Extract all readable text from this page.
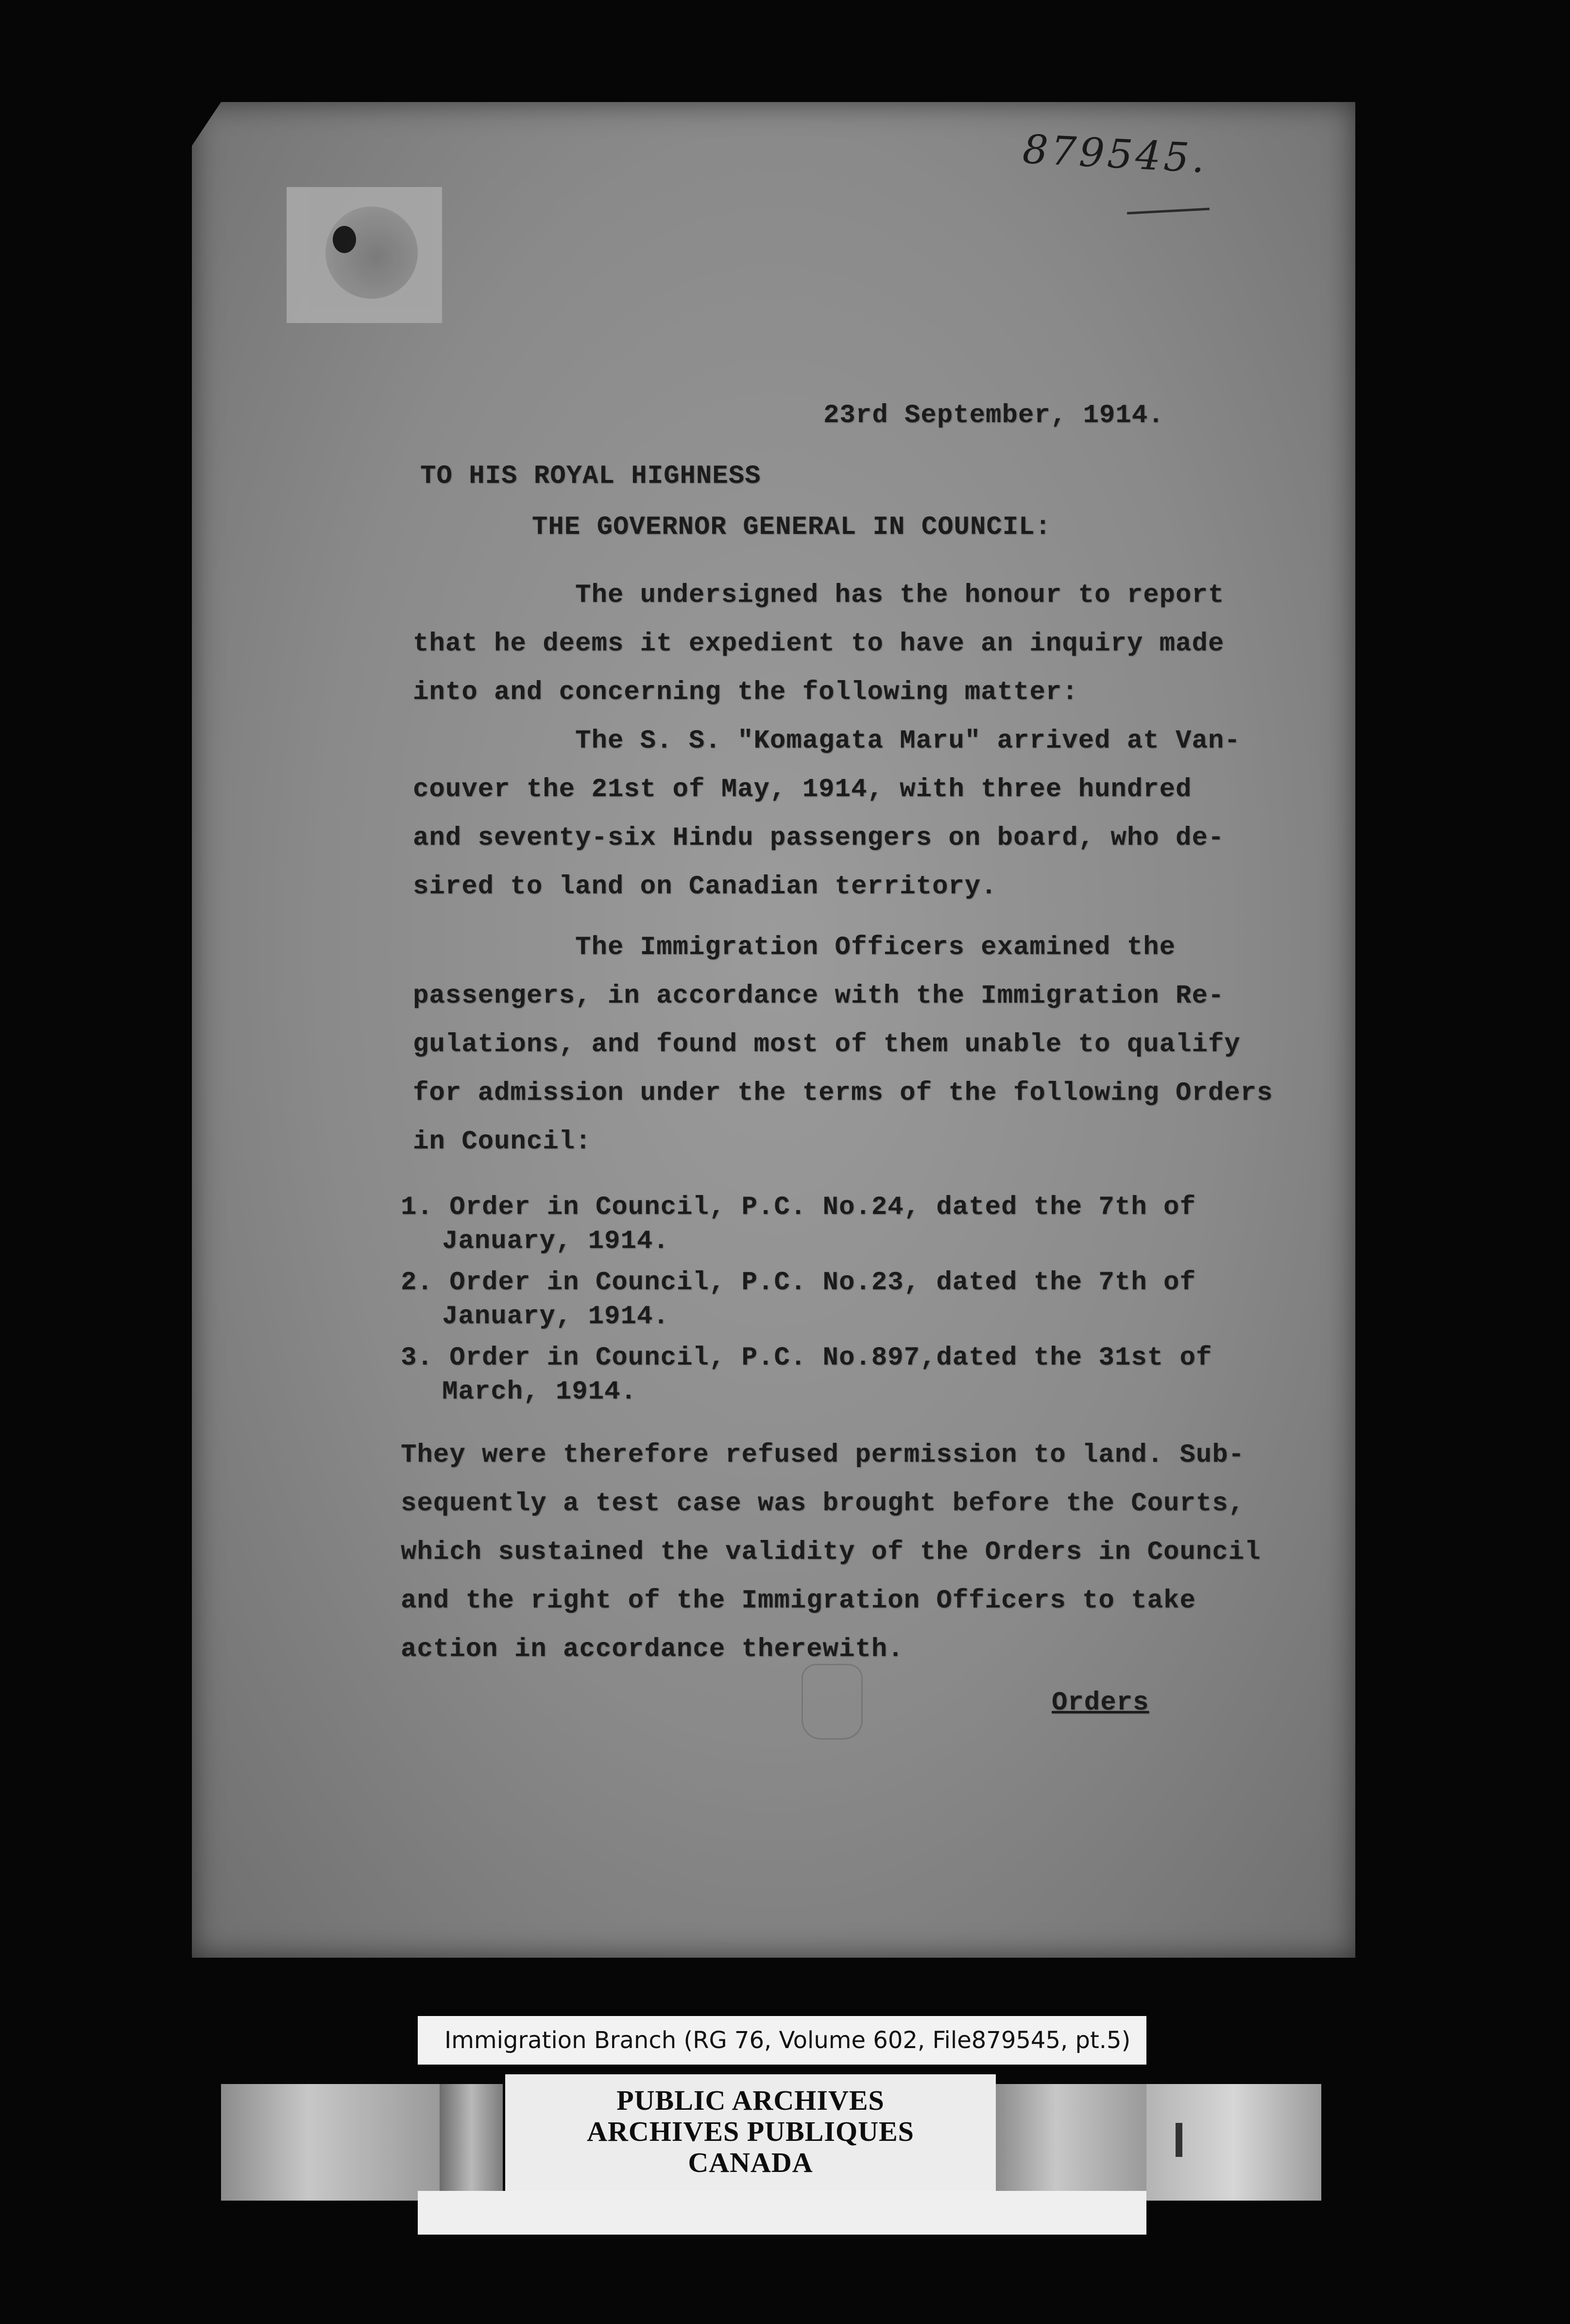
879545.
23rd September, 1914.
TO HIS ROYAL HIGHNESS
THE GOVERNOR GENERAL IN COUNCIL:
The undersigned has the honour to report
that he deems it expedient to have an inquiry made
into and concerning the following matter:
The S. S. "Komagata Maru" arrived at Van-
couver the 21st of May, 1914, with three hundred
and seventy-six Hindu passengers on board, who de-
sired to land on Canadian territory.
The Immigration Officers examined the
passengers, in accordance with the Immigration Re-
gulations, and found most of them unable to qualify
for admission under the terms of the following Orders
in Council:
1. Order in Council, P.C. No.24, dated the 7th of
January, 1914.
2. Order in Council, P.C. No.23, dated the 7th of
January, 1914.
3. Order in Council, P.C. No.897,dated the 31st of
March, 1914.
They were therefore refused permission to land. Sub-
sequently a test case was brought before the Courts,
which sustained the validity of the Orders in Council
and the right of the Immigration Officers to take
action in accordance therewith.
Orders
Immigration Branch (RG 76, Volume 602, File879545, pt.5)
PUBLIC ARCHIVES
ARCHIVES PUBLIQUES
CANADA
